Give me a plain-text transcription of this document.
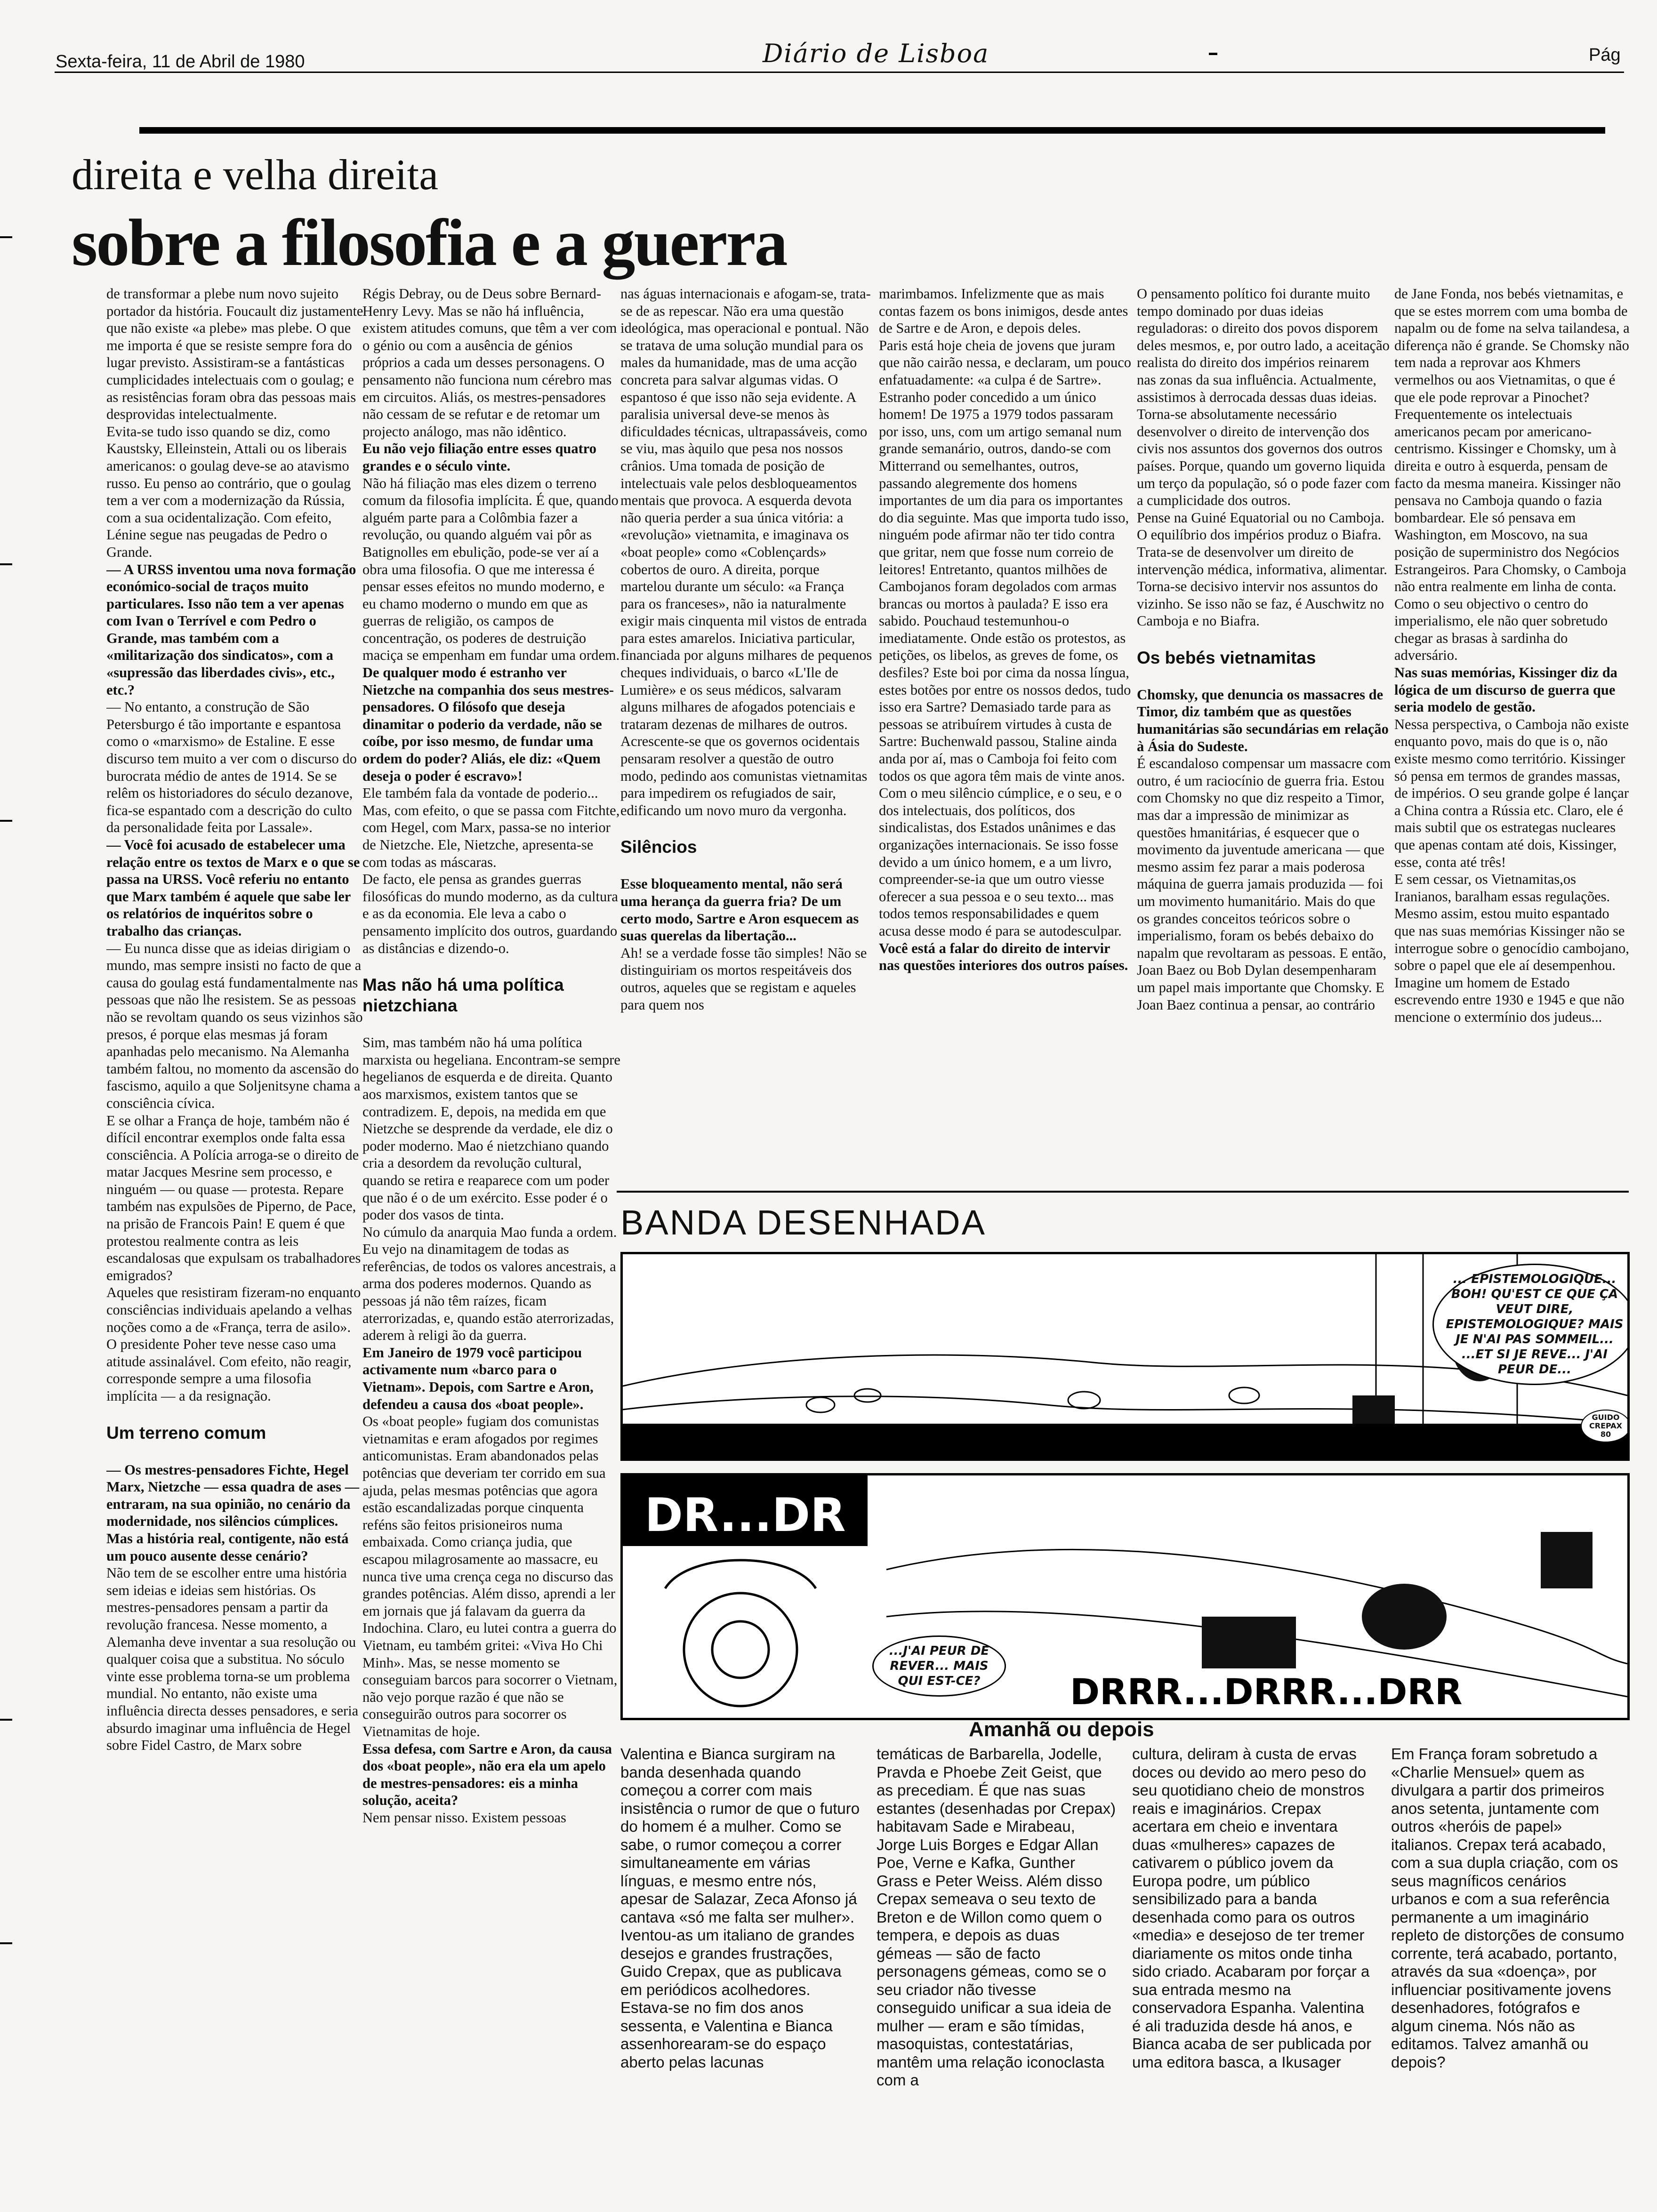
Sexta-feira, 11 de Abril de 1980	Diário de Lisboa	Pág
direita e velha direita
sobre a filosofia e a guerra

de transformar a plebe num novo sujeito portador da história. Foucault diz justamente que não existe «a plebe» mas plebe. O que me importa é que se resiste sempre fora do lugar previsto. Assistiram-se a fantásticas cumplicidades intelectuais com o goulag; e as resistências foram obra das pessoas mais desprovidas intelectualmente.

Evita-se tudo isso quando se diz, como Kaustsky, Elleinstein, Attali ou os liberais americanos: o goulag deve-se ao atavismo russo. Eu penso ao contrário, que o goulag tem a ver com a modernização da Rússia, com a sua ocidentalização. Com efeito, Lénine segue nas peugadas de Pedro o Grande.

— A URSS inventou uma nova formação económico-social de traços muito particulares. Isso não tem a ver apenas com Ivan o Terrível e com Pedro o Grande, mas também com a «militarização dos sindicatos», com a «supressão das liberdades civis», etc., etc.?

— No entanto, a construção de São Petersburgo é tão importante e espantosa como o «marxismo» de Estaline. E esse discurso tem muito a ver com o discurso do burocrata médio de antes de 1914. Se se relêm os historiadores do século dezanove, fica-se espantado com a descrição do culto da personalidade feita por Lassale».

— Você foi acusado de estabelecer uma relação entre os textos de Marx e o que se passa na URSS. Você referiu no entanto que Marx também é aquele que sabe ler os relatórios de inquéritos sobre o trabalho das crianças.

— Eu nunca disse que as ideias dirigiam o mundo, mas sempre insisti no facto de que a causa do goulag está fundamentalmente nas pessoas que não lhe resistem. Se as pessoas não se revoltam quando os seus vizinhos são presos, é porque elas mesmas já foram apanhadas pelo mecanismo. Na Alemanha também faltou, no momento da ascensão do fascismo, aquilo a que Soljenitsyne chama a consciência cívica.

E se olhar a França de hoje, também não é difícil encontrar exemplos onde falta essa consciência. A Polícia arroga-se o direito de matar Jacques Mesrine sem processo, e ninguém — ou quase — protesta. Repare também nas expulsões de Piperno, de Pace, na prisão de Francois Pain! E quem é que protestou realmente contra as leis escandalosas que expulsam os trabalhadores emigrados?

Aqueles que resistiram fizeram-no enquanto consciências individuais apelando a velhas noções como a de «França, terra de asilo». O presidente Poher teve nesse caso uma atitude assinalável. Com efeito, não reagir, corresponde sempre a uma filosofia implícita — a da resignação.

Um terreno comum

— Os mestres-pensadores Fichte, Hegel Marx, Nietzche — essa quadra de ases — entraram, na sua opinião, no cenário da modernidade, nos silêncios cúmplices. Mas a história real, contigente, não está um pouco ausente desse cenário?

Não tem de se escolher entre uma história sem ideias e ideias sem histórias. Os mestres-pensadores pensam a partir da revolução francesa. Nesse momento, a Alemanha deve inventar a sua resolução ou qualquer coisa que a substitua. No sóculo vinte esse problema torna-se um problema mundial. No entanto, não existe uma influência directa desses pensadores, e seria absurdo imaginar uma influência de Hegel sobre Fidel Castro, de Marx sobre

Régis Debray, ou de Deus sobre Bernard-Henry Levy. Mas se não há influência, existem atitudes comuns, que têm a ver com o génio ou com a ausência de génios próprios a cada um desses personagens. O pensamento não funciona num cérebro mas em circuitos. Aliás, os mestres-pensadores não cessam de se refutar e de retomar um projecto análogo, mas não idêntico.

Eu não vejo filiação entre esses quatro grandes e o século vinte.

Não há filiação mas eles dizem o terreno comum da filosofia implícita. É que, quando alguém parte para a Colômbia fazer a revolução, ou quando alguém vai pôr as Batignolles em ebulição, pode-se ver aí a obra uma filosofia. O que me interessa é pensar esses efeitos no mundo moderno, e eu chamo moderno o mundo em que as guerras de religião, os campos de concentração, os poderes de destruição maciça se empenham em fundar uma ordem.

De qualquer modo é estranho ver Nietzche na companhia dos seus mestres-pensadores. O filósofo que deseja dinamitar o poderio da verdade, não se coíbe, por isso mesmo, de fundar uma ordem do poder? Aliás, ele diz: «Quem deseja o poder é escravo»!

Ele também fala da vontade de poderio... Mas, com efeito, o que se passa com Fitchte, com Hegel, com Marx, passa-se no interior de Nietzche. Ele, Nietzche, apresenta-se com todas as máscaras.

De facto, ele pensa as grandes guerras filosóficas do mundo moderno, as da cultura e as da economia. Ele leva a cabo o pensamento implícito dos outros, guardando as distâncias e dizendo-o.

Mas não há uma política nietzchiana

Sim, mas também não há uma política marxista ou hegeliana. Encontram-se sempre hegelianos de esquerda e de direita. Quanto aos marxismos, existem tantos que se contradizem. E, depois, na medida em que Nietzche se desprende da verdade, ele diz o poder moderno. Mao é nietzchiano quando cria a desordem da revolução cultural, quando se retira e reaparece com um poder que não é o de um exército. Esse poder é o poder dos vasos de tinta.

No cúmulo da anarquia Mao funda a ordem. Eu vejo na dinamitagem de todas as referências, de todos os valores ancestrais, a arma dos poderes modernos. Quando as pessoas já não têm raízes, ficam aterrorizadas, e, quando estão aterrorizadas, aderem à religi ão da guerra.

Em Janeiro de 1979 você participou activamente num «barco para o Vietnam». Depois, com Sartre e Aron, defendeu a causa dos «boat people».

Os «boat people» fugiam dos comunistas vietnamitas e eram afogados por regimes anticomunistas. Eram abandonados pelas potências que deveriam ter corrido em sua ajuda, pelas mesmas potências que agora estão escandalizadas porque cinquenta reféns são feitos prisioneiros numa embaixada. Como criança judia, que escapou milagrosamente ao massacre, eu nunca tive uma crença cega no discurso das grandes potências. Além disso, aprendi a ler em jornais que já falavam da guerra da Indochina. Claro, eu lutei contra a guerra do Vietnam, eu também gritei: «Viva Ho Chi Minh». Mas, se nesse momento se conseguiam barcos para socorrer o Vietnam, não vejo porque razão é que não se conseguirão outros para socorrer os Vietnamitas de hoje.

Essa defesa, com Sartre e Aron, da causa dos «boat people», não era ela um apelo de mestres-pensadores: eis a minha solução, aceita?

Nem pensar nisso. Existem pessoas

nas águas internacionais e afogam-se, trata-se de as repescar. Não era uma questão ideológica, mas operacional e pontual. Não se tratava de uma solução mundial para os males da humanidade, mas de uma acção concreta para salvar algumas vidas. O espantoso é que isso não seja evidente. A paralisia universal deve-se menos às dificuldades técnicas, ultrapassáveis, como se viu, mas àquilo que pesa nos nossos crânios. Uma tomada de posição de intelectuais vale pelos desbloqueamentos mentais que provoca. A esquerda devota não queria perder a sua única vitória: a «revolução» vietnamita, e imaginava os «boat people» como «Coblençards» cobertos de ouro. A direita, porque martelou durante um século: «a França para os franceses», não ia naturalmente exigir mais cinquenta mil vistos de entrada para estes amarelos. Iniciativa particular, financiada por alguns milhares de pequenos cheques individuais, o barco «L'Ile de Lumière» e os seus médicos, salvaram alguns milhares de afogados potenciais e trataram dezenas de milhares de outros. Acrescente-se que os governos ocidentais pensaram resolver a questão de outro modo, pedindo aos comunistas vietnamitas para impedirem os refugiados de sair, edificando um novo muro da vergonha.

Silêncios

Esse bloqueamento mental, não será uma herança da guerra fria? De um certo modo, Sartre e Aron esquecem as suas querelas da libertação...

Ah! se a verdade fosse tão simples! Não se distinguiriam os mortos respeitáveis dos outros, aqueles que se registam e aqueles para quem nos

marimbamos. Infelizmente que as mais contas fazem os bons inimigos, desde antes de Sartre e de Aron, e depois deles.

Paris está hoje cheia de jovens que juram que não cairão nessa, e declaram, um pouco enfatuadamente: «a culpa é de Sartre».

Estranho poder concedido a um único homem! De 1975 a 1979 todos passaram por isso, uns, com um artigo semanal num grande semanário, outros, dando-se com Mitterrand ou semelhantes, outros, passando alegremente dos homens importantes de um dia para os importantes do dia seguinte. Mas que importa tudo isso, ninguém pode afirmar não ter tido contra que gritar, nem que fosse num correio de leitores! Entretanto, quantos milhões de Cambojanos foram degolados com armas brancas ou mortos à paulada? E isso era sabido. Pouchaud testemunhou-o imediatamente. Onde estão os protestos, as petições, os libelos, as greves de fome, os desfiles? Este boi por cima da nossa língua, estes botões por entre os nossos dedos, tudo isso era Sartre? Demasiado tarde para as pessoas se atribuírem virtudes à custa de Sartre: Buchenwald passou, Staline ainda anda por aí, mas o Camboja foi feito com todos os que agora têm mais de vinte anos. Com o meu silêncio cúmplice, e o seu, e o dos intelectuais, dos políticos, dos sindicalistas, dos Estados unânimes e das organizações internacionais. Se isso fosse devido a um único homem, e a um livro, compreender-se-ia que um outro viesse oferecer a sua pessoa e o seu texto... mas todos temos responsabilidades e quem acusa desse modo é para se autodesculpar.

Você está a falar do direito de intervir nas questões interiores dos outros países.

O pensamento político foi durante muito tempo dominado por duas ideias reguladoras: o direito dos povos disporem deles mesmos, e, por outro lado, a aceitação realista do direito dos impérios reinarem nas zonas da sua influência. Actualmente, assistimos à derrocada dessas duas ideias. Torna-se absolutamente necessário desenvolver o direito de intervenção dos civis nos assuntos dos governos dos outros países. Porque, quando um governo liquida um terço da população, só o pode fazer com a cumplicidade dos outros.

Pense na Guiné Equatorial ou no Camboja. O equilíbrio dos impérios produz o Biafra. Trata-se de desenvolver um direito de intervenção médica, informativa, alimentar. Torna-se decisivo intervir nos assuntos do vizinho. Se isso não se faz, é Auschwitz no Camboja e no Biafra.

Os bebés vietnamitas

Chomsky, que denuncia os massacres de Timor, diz também que as questões humanitárias são secundárias em relação à Ásia do Sudeste.

É escandaloso compensar um massacre com outro, é um raciocínio de guerra fria. Estou com Chomsky no que diz respeito a Timor, mas dar a impressão de minimizar as questões hmanitárias, é esquecer que o movimento da juventude americana — que mesmo assim fez parar a mais poderosa máquina de guerra jamais produzida — foi um movimento humanitário. Mais do que os grandes conceitos teóricos sobre o imperialismo, foram os bebés debaixo do napalm que revoltaram as pessoas. E então, Joan Baez ou Bob Dylan desempenharam um papel mais importante que Chomsky. E Joan Baez continua a pensar, ao contrário

de Jane Fonda, nos bebés vietnamitas, e que se estes morrem com uma bomba de napalm ou de fome na selva tailandesa, a diferença não é grande. Se Chomsky não tem nada a reprovar aos Khmers vermelhos ou aos Vietnamitas, o que é que ele pode reprovar a Pinochet?

Frequentemente os intelectuais americanos pecam por americano-centrismo. Kissinger e Chomsky, um à direita e outro à esquerda, pensam de facto da mesma maneira. Kissinger não pensava no Camboja quando o fazia bombardear. Ele só pensava em Washington, em Moscovo, na sua posição de superministro dos Negócios Estrangeiros. Para Chomsky, o Camboja não entra realmente em linha de conta. Como o seu objectivo o centro do imperialismo, ele não quer sobretudo chegar as brasas à sardinha do adversário.

Nas suas memórias, Kissinger diz da lógica de um discurso de guerra que seria modelo de gestão.

Nessa perspectiva, o Camboja não existe enquanto povo, mais do que is o, não existe mesmo como território. Kissinger só pensa em termos de grandes massas, de impérios. O seu grande golpe é lançar a China contra a Rússia etc. Claro, ele é mais subtil que os estrategas nucleares que apenas contam até dois, Kissinger, esse, conta até três!

E sem cessar, os Vietnamitas,os Iranianos, baralham essas regulações. Mesmo assim, estou muito espantado que nas suas memórias Kissinger não se interrogue sobre o genocídio cambojano, sobre o papel que ele aí desempenhou. Imagine um homem de Estado escrevendo entre 1930 e 1945 e que não mencione o extermínio dos judeus...

BANDA DESENHADA
... EPISTEMOLOGIQUE... BOH! QU'EST CE QUE ÇA VEUT DIRE, EPISTEMOLOGIQUE? MAIS JE N'AI PAS SOMMEIL... ...ET SI JE REVE... J'AI PEUR DE...
GUIDO CREPAX 80
DR...DR
...J'AI PEUR DE REVER... MAIS QUI EST-CE?	DRRR...DRRR...DRR
Amanhã ou depois
Valentina e Bianca surgiram na banda desenhada quando começou a correr com mais insistência o rumor de que o futuro do homem é a mulher. Como se sabe, o rumor começou a correr simultaneamente em várias línguas, e mesmo entre nós, apesar de Salazar, Zeca Afonso já cantava «só me falta ser mulher». Iventou-as um italiano de grandes desejos e grandes frustrações, Guido Crepax, que as publicava em periódicos acolhedores. Estava-se no fim dos anos sessenta, e Valentina e Bianca assenhorearam-se do espaço aberto pelas lacunas
temáticas de Barbarella, Jodelle, Pravda e Phoebe Zeit Geist, que as precediam. É que nas suas estantes (desenhadas por Crepax) habitavam Sade e Mirabeau, Jorge Luis Borges e Edgar Allan Poe, Verne e Kafka, Gunther Grass e Peter Weiss. Além disso Crepax semeava o seu texto de Breton e de Willon como quem o tempera, e depois as duas gémeas — são de facto personagens gémeas, como se o seu criador não tivesse conseguido unificar a sua ideia de mulher — eram e são tímidas, masoquistas, contestatárias, mantêm uma relação iconoclasta com a
cultura, deliram à custa de ervas doces ou devido ao mero peso do seu quotidiano cheio de monstros reais e imaginários. Crepax acertara em cheio e inventara duas «mulheres» capazes de cativarem o público jovem da Europa podre, um público sensibilizado para a banda desenhada como para os outros «media» e desejoso de ter tremer diariamente os mitos onde tinha sido criado. Acabaram por forçar a sua entrada mesmo na conservadora Espanha. Valentina é ali traduzida desde há anos, e Bianca acaba de ser publicada por uma editora basca, a Ikusager
Em França foram sobretudo a «Charlie Mensuel» quem as divulgara a partir dos primeiros anos setenta, juntamente com outros «heróis de papel» italianos. Crepax terá acabado, com a sua dupla criação, com os seus magníficos cenários urbanos e com a sua referência permanente a um imaginário repleto de distorções de consumo corrente, terá acabado, portanto, através da sua «doença», por influenciar positivamente jovens desenhadores, fotógrafos e algum cinema. Nós não as editamos. Talvez amanhã ou depois?
